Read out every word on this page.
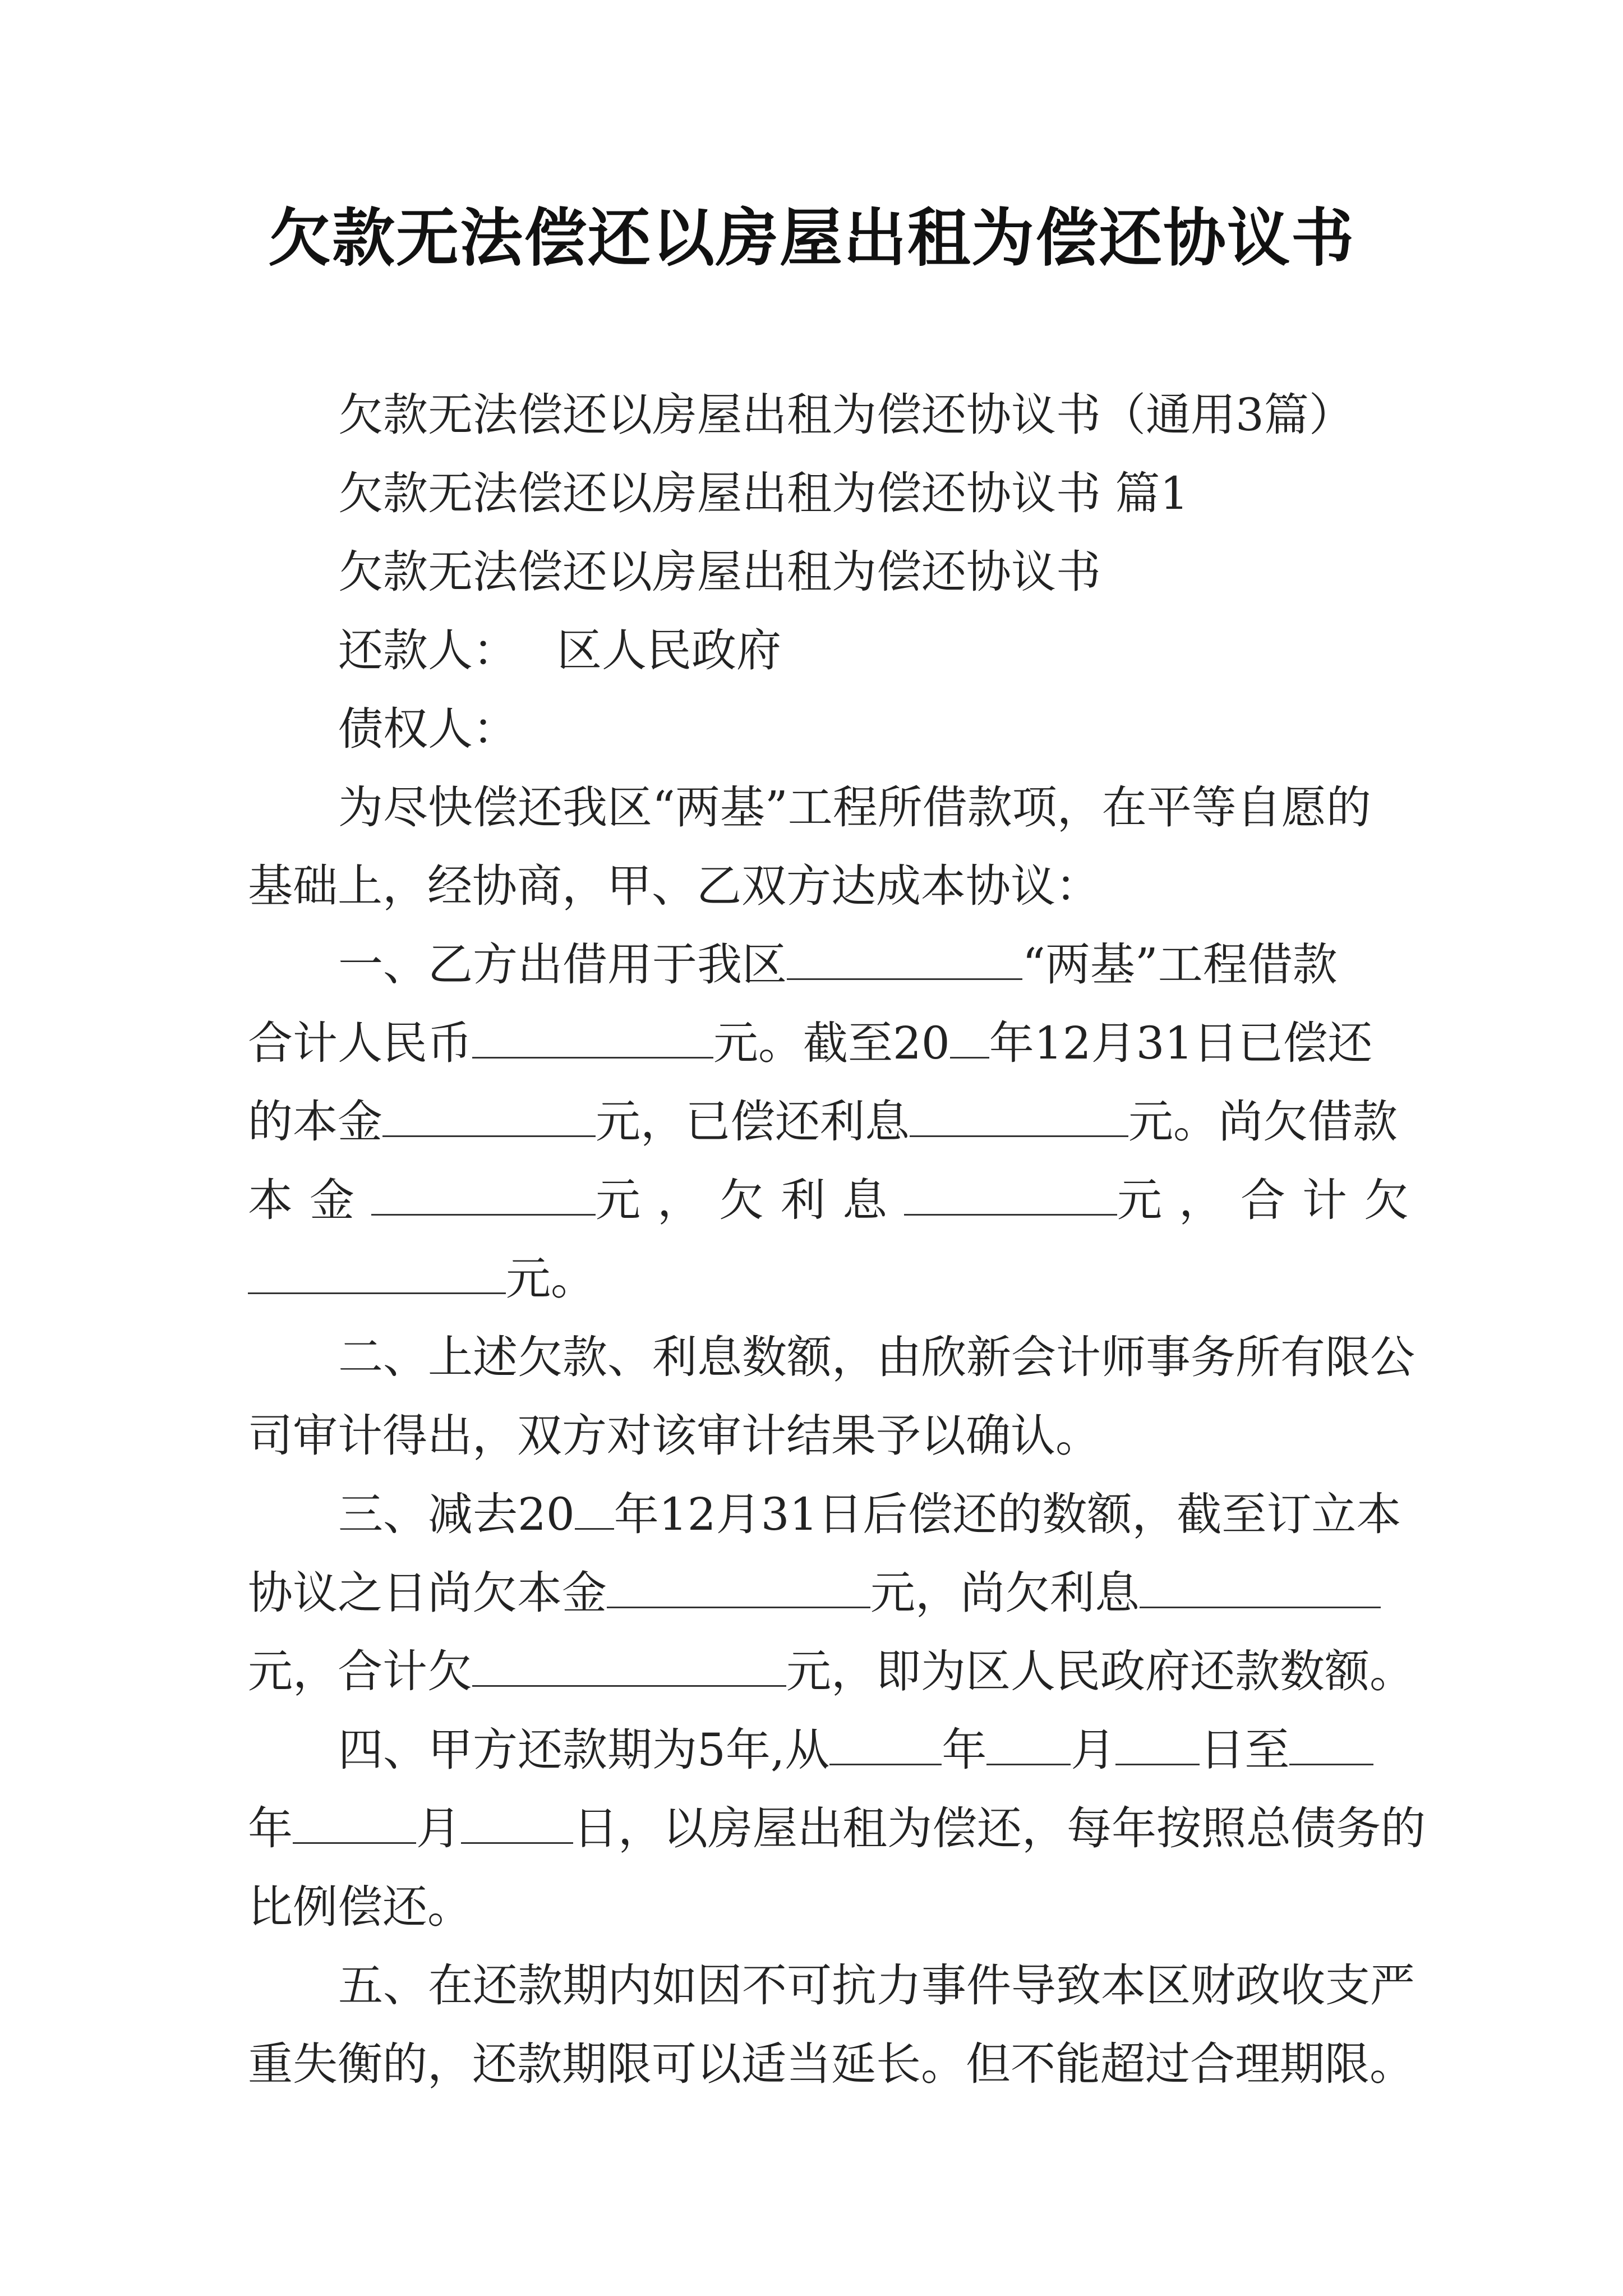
欠款无法偿还以房屋出租为偿还协议书
欠款无法偿还以房屋出租为偿还协议书（通用3篇）
欠款无法偿还以房屋出租为偿还协议书 篇1
欠款无法偿还以房屋出租为偿还协议书
还款人： 区人民政府
债权人：
为尽快偿还我区“两基”工程所借款项，在平等自愿的
基础上，经协商，甲、乙双方达成本协议：
一、乙方出借用于我区	“两基”工程借款
合计人民币	元。截至20 年12月31日已偿还
的本金	元，已偿还利息	元。尚欠借款
本金	元，欠利息	元，合计欠
元。
二、上述欠款、利息数额，由欣新会计师事务所有限公
司审计得出，双方对该审计结果予以确认。
三、减去20 年12月31日后偿还的数额，截至订立本
协议之日尚欠本金	元，尚欠利息
元，合计欠	元，即为区人民政府还款数额。
四、甲方还款期为5年,从	年 月 日至
年	月	日，以房屋出租为偿还，每年按照总债务的
比例偿还。
五、在还款期内如因不可抗力事件导致本区财政收支严
重失衡的，还款期限可以适当延长。但不能超过合理期限。
